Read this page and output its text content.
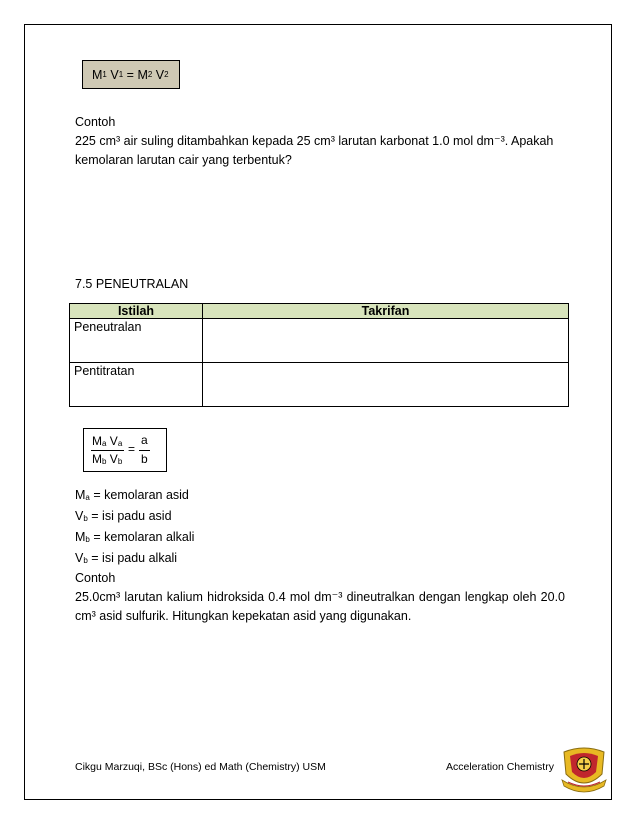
M 1
V 1
=
M 2
V 2
Contoh
225 cm³ air suling ditambahkan kepada 25 cm³ larutan karbonat 1.0 mol dm⁻³. Apakah
kemolaran larutan cair yang terbentuk?
7.5 PENEUTRALAN
Istilah	Takrifan
Peneutralan	
Pentitratan	
$M_a$ $V_a$
$M_b$ $V_b$
=
a
b
$M_a$ = kemolaran asid
$V_b$ = isi padu asid
$M_b$ = kemolaran alkali
$V_b$ = isi padu alkali
Contoh
25.0cm³ larutan kalium hidroksida 0.4 mol dm⁻³ dineutralkan dengan lengkap oleh 20.0
cm³ asid sulfurik. Hitungkan kepekatan asid yang digunakan.
Cikgu Marzuqi, BSc (Hons) ed Math (Chemistry) USM	Acceleration Chemistry
